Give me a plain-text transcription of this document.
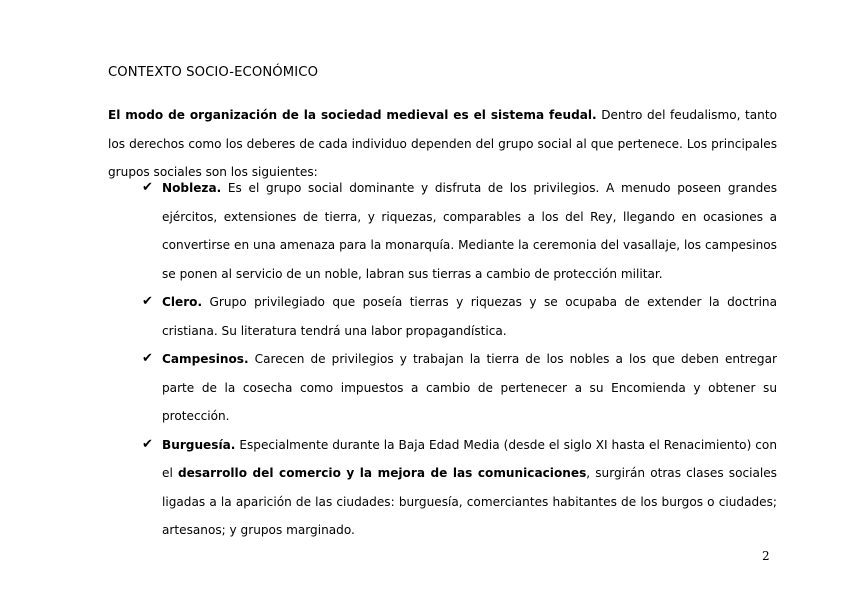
CONTEXTO SOCIO-ECONÓMICO

El modo de organización de la sociedad medieval es el sistema feudal. Dentro del feudalismo, tanto los derechos como los deberes de cada individuo dependen del grupo social al que pertenece. Los principales grupos sociales son los siguientes:

✔ Nobleza. Es el grupo social dominante y disfruta de los privilegios. A menudo poseen grandes ejércitos, extensiones de tierra, y riquezas, comparables a los del Rey, llegando en ocasiones a convertirse en una amenaza para la monarquía. Mediante la ceremonia del vasallaje, los campesinos se ponen al servicio de un noble, labran sus tierras a cambio de protección militar.
✔ Clero. Grupo privilegiado que poseía tierras y riquezas y se ocupaba de extender la doctrina cristiana. Su literatura tendrá una labor propagandística.
✔ Campesinos. Carecen de privilegios y trabajan la tierra de los nobles a los que deben entregar parte de la cosecha como impuestos a cambio de pertenecer a su Encomienda y obtener su protección.
✔ Burguesía. Especialmente durante la Baja Edad Media (desde el siglo XI hasta el Renacimiento) con el desarrollo del comercio y la mejora de las comunicaciones, surgirán otras clases sociales ligadas a la aparición de las ciudades: burguesía, comerciantes habitantes de los burgos o ciudades; artesanos; y grupos marginado.
2
